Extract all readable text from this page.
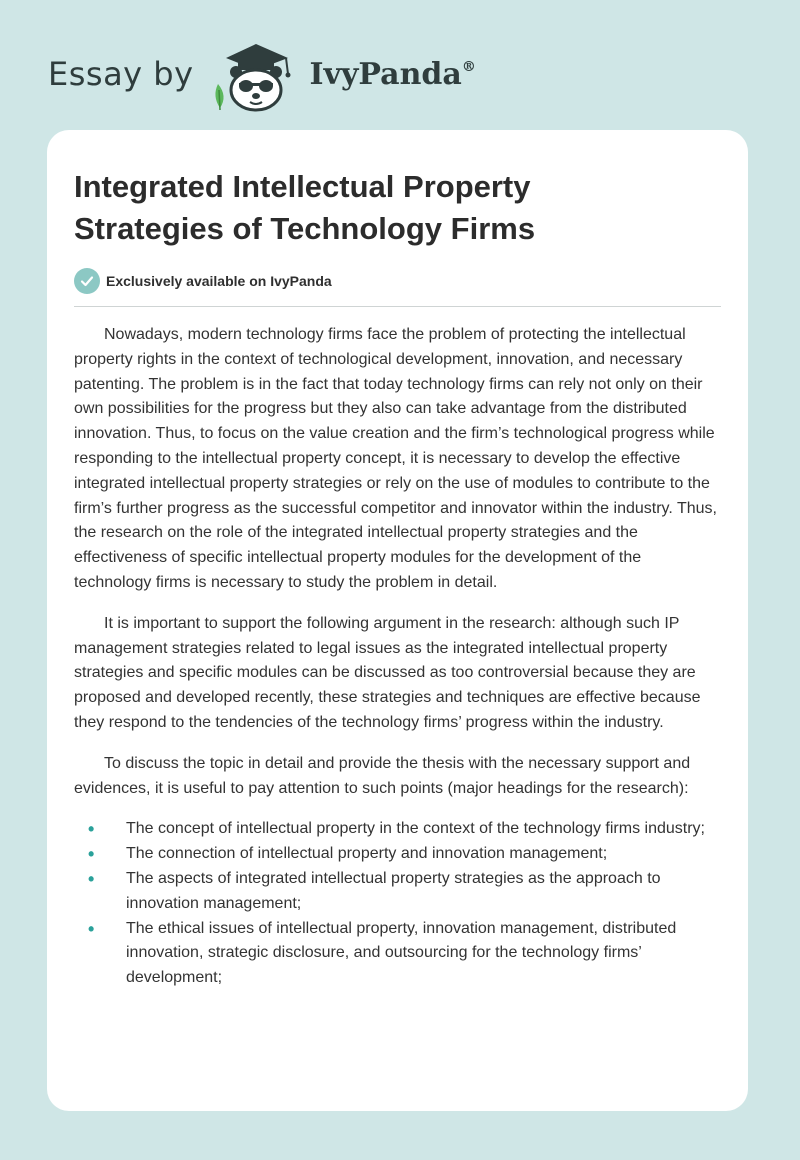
Essay by	IvyPanda®
Integrated Intellectual Property Strategies of Technology Firms
Exclusively available on IvyPanda

Nowadays, modern technology firms face the problem of protecting the intellectual property rights in the context of technological development, innovation, and necessary patenting. The problem is in the fact that today technology firms can rely not only on their own possibilities for the progress but they also can take advantage from the distributed innovation. Thus, to focus on the value creation and the firm’s technological progress while responding to the intellectual property concept, it is necessary to develop the effective integrated intellectual property strategies or rely on the use of modules to contribute to the firm’s further progress as the successful competitor and innovator within the industry. Thus, the research on the role of the integrated intellectual property strategies and the effectiveness of specific intellectual property modules for the development of the technology firms is necessary to study the problem in detail.

It is important to support the following argument in the research: although such IP management strategies related to legal issues as the integrated intellectual property strategies and specific modules can be discussed as too controversial because they are proposed and developed recently, these strategies and techniques are effective because they respond to the tendencies of the technology firms’ progress within the industry.

To discuss the topic in detail and provide the thesis with the necessary support and evidences, it is useful to pay attention to such points (major headings for the research):

• The concept of intellectual property in the context of the technology firms industry;
• The connection of intellectual property and innovation management;
• The aspects of integrated intellectual property strategies as the approach to innovation management;
• The ethical issues of intellectual property, innovation management, distributed innovation, strategic disclosure, and outsourcing for the technology firms’ development;
